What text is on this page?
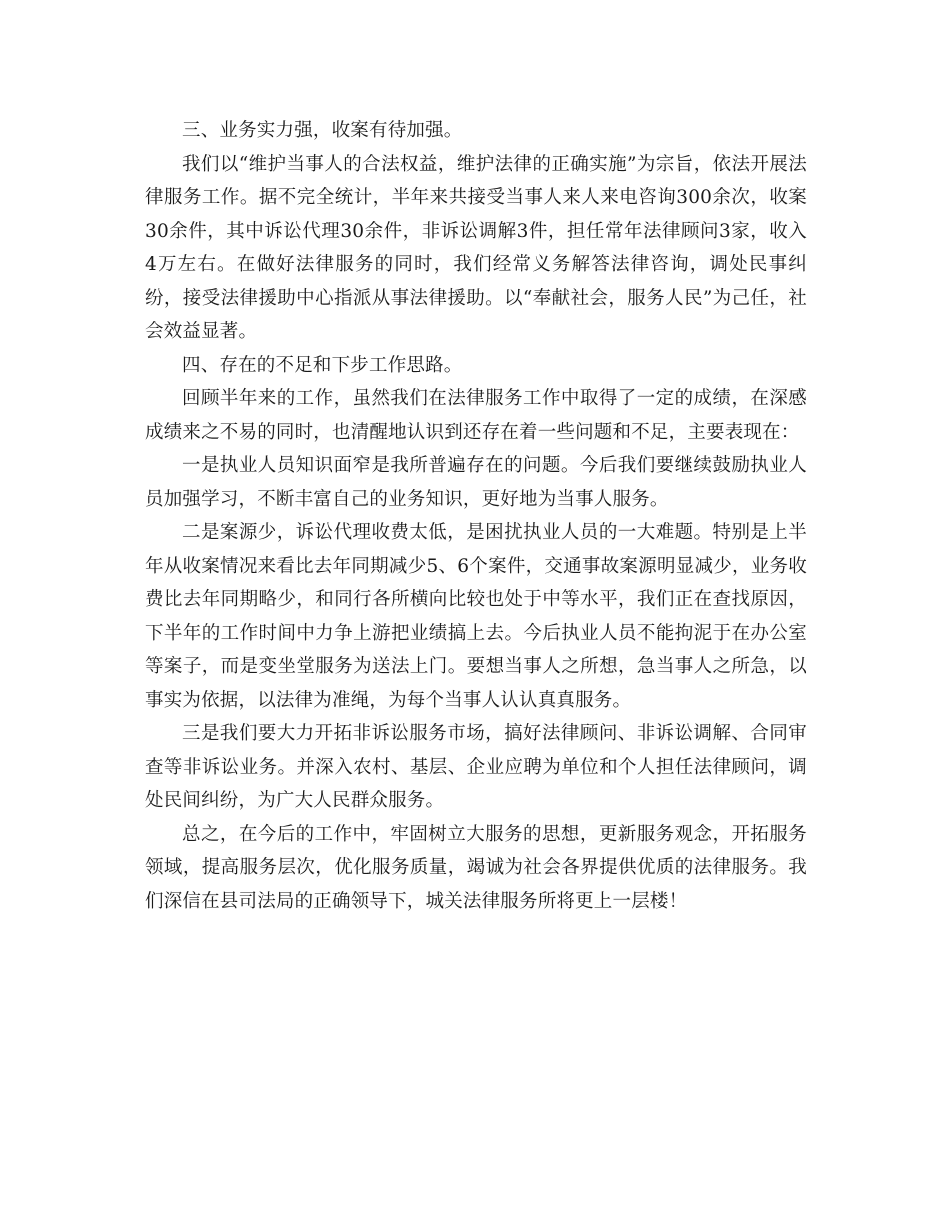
三、业务实力强，收案有待加强。

我们以“维护当事人的合法权益，维护法律的正确实施”为宗旨，依法开展法律服务工作。据不完全统计，半年来共接受当事人来人来电咨询300余次，收案30余件，其中诉讼代理30余件，非诉讼调解3件，担任常年法律顾问3家，收入4万左右。在做好法律服务的同时，我们经常义务解答法律咨询，调处民事纠纷，接受法律援助中心指派从事法律援助。以“奉献社会，服务人民”为己任，社会效益显著。

四、存在的不足和下步工作思路。

回顾半年来的工作，虽然我们在法律服务工作中取得了一定的成绩，在深感成绩来之不易的同时，也清醒地认识到还存在着一些问题和不足，主要表现在：

一是执业人员知识面窄是我所普遍存在的问题。今后我们要继续鼓励执业人员加强学习，不断丰富自己的业务知识，更好地为当事人服务。

二是案源少，诉讼代理收费太低，是困扰执业人员的一大难题。特别是上半年从收案情况来看比去年同期减少5、6个案件，交通事故案源明显减少，业务收费比去年同期略少，和同行各所横向比较也处于中等水平，我们正在查找原因，下半年的工作时间中力争上游把业绩搞上去。今后执业人员不能拘泥于在办公室等案子，而是变坐堂服务为送法上门。要想当事人之所想，急当事人之所急，以事实为依据，以法律为准绳，为每个当事人认认真真服务。

三是我们要大力开拓非诉讼服务市场，搞好法律顾问、非诉讼调解、合同审查等非诉讼业务。并深入农村、基层、企业应聘为单位和个人担任法律顾问，调处民间纠纷，为广大人民群众服务。

总之，在今后的工作中，牢固树立大服务的思想，更新服务观念，开拓服务领域，提高服务层次，优化服务质量，竭诚为社会各界提供优质的法律服务。我们深信在县司法局的正确领导下，城关法律服务所将更上一层楼！
